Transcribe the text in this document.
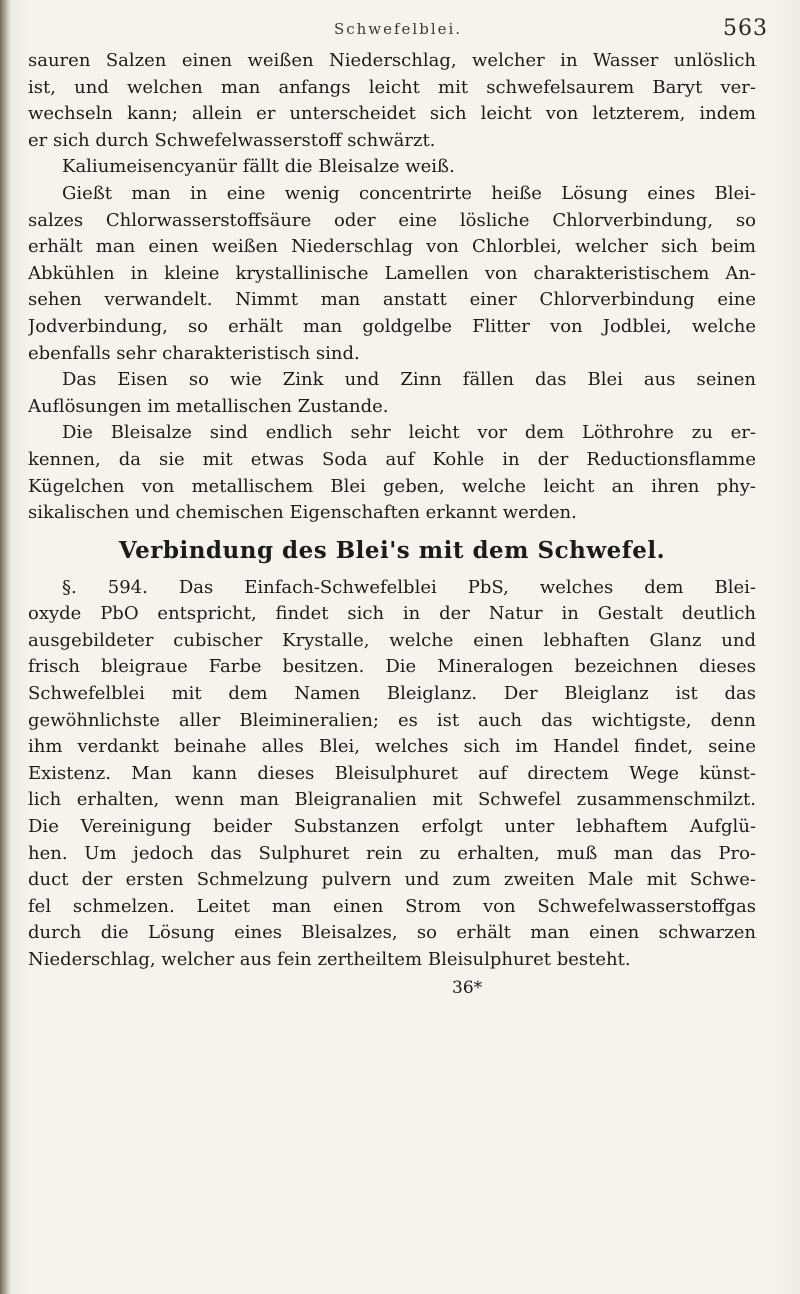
Schwefelblei.	563
sauren Salzen einen weißen Niederschlag, welcher in Wasser unlöslich
ist, und welchen man anfangs leicht mit schwefelsaurem Baryt ver-
wechseln kann; allein er unterscheidet sich leicht von letzterem, indem
er sich durch Schwefelwasserstoff schwärzt.
Kaliumeisencyanür fällt die Bleisalze weiß.
Gießt man in eine wenig concentrirte heiße Lösung eines Blei-
salzes Chlorwasserstoffsäure oder eine lösliche Chlorverbindung, so
erhält man einen weißen Niederschlag von Chlorblei, welcher sich beim
Abkühlen in kleine krystallinische Lamellen von charakteristischem An-
sehen verwandelt. Nimmt man anstatt einer Chlorverbindung eine
Jodverbindung, so erhält man goldgelbe Flitter von Jodblei, welche
ebenfalls sehr charakteristisch sind.
Das Eisen so wie Zink und Zinn fällen das Blei aus seinen
Auflösungen im metallischen Zustande.
Die Bleisalze sind endlich sehr leicht vor dem Löthrohre zu er-
kennen, da sie mit etwas Soda auf Kohle in der Reductionsflamme
Kügelchen von metallischem Blei geben, welche leicht an ihren phy-
sikalischen und chemischen Eigenschaften erkannt werden.
Verbindung des Blei's mit dem Schwefel.
§. 594. Das Einfach-Schwefelblei PbS, welches dem Blei-
oxyde PbO entspricht, findet sich in der Natur in Gestalt deutlich
ausgebildeter cubischer Krystalle, welche einen lebhaften Glanz und
frisch bleigraue Farbe besitzen. Die Mineralogen bezeichnen dieses
Schwefelblei mit dem Namen Bleiglanz. Der Bleiglanz ist das
gewöhnlichste aller Bleimineralien; es ist auch das wichtigste, denn
ihm verdankt beinahe alles Blei, welches sich im Handel findet, seine
Existenz. Man kann dieses Bleisulphuret auf directem Wege künst-
lich erhalten, wenn man Bleigranalien mit Schwefel zusammenschmilzt.
Die Vereinigung beider Substanzen erfolgt unter lebhaftem Aufglü-
hen. Um jedoch das Sulphuret rein zu erhalten, muß man das Pro-
duct der ersten Schmelzung pulvern und zum zweiten Male mit Schwe-
fel schmelzen. Leitet man einen Strom von Schwefelwasserstoffgas
durch die Lösung eines Bleisalzes, so erhält man einen schwarzen
Niederschlag, welcher aus fein zertheiltem Bleisulphuret besteht.
36*
